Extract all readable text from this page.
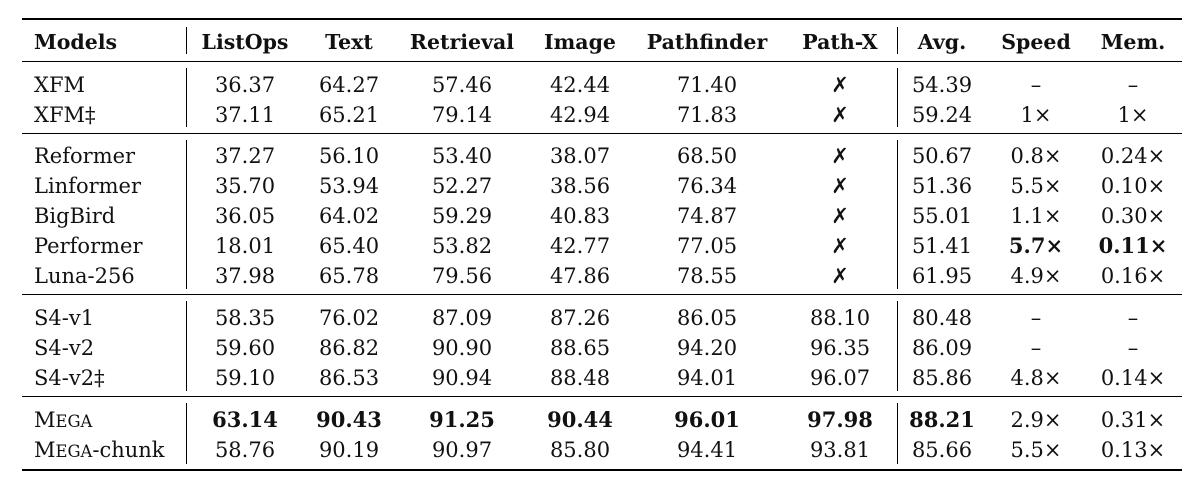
Models	ListOps Text Retrieval Image Pathfinder Path-X Avg. Speed Mem.
XFM	36.37 64.27	57.46	42.44	71.40	✗	54.39	–	–
XFM‡	37.11 65.21	79.14	42.94	71.83	✗	59.24 1×	1×
Reformer	37.27 56.10	53.40	38.07	68.50	✗	50.67 0.8× 0.24×
Linformer	35.70 53.94	52.27	38.56	76.34	✗	51.36 5.5× 0.10×
BigBird	36.05 64.02	59.29	40.83	74.87	✗	55.01 1.1× 0.30×
Performer	18.01 65.40	53.82	42.77	77.05	✗	51.41 5.7× 0.11×
Luna-256	37.98 65.78	79.56	47.86	78.55	✗	61.95 4.9× 0.16×
S4-v1	58.35 76.02	87.09	87.26	86.05	88.10 80.48	–	–
S4-v2	59.60 86.82	90.90	88.65	94.20	96.35 86.09	–	–
S4-v2‡	59.10 86.53	90.94	88.48	94.01	96.07 85.86 4.8× 0.14×
MEGA	63.14 90.43 91.25 90.44	96.01	97.98 88.21 2.9× 0.31×
MEGA-chunk 58.76 90.19	90.97	85.80	94.41	93.81 85.66 5.5× 0.13×
